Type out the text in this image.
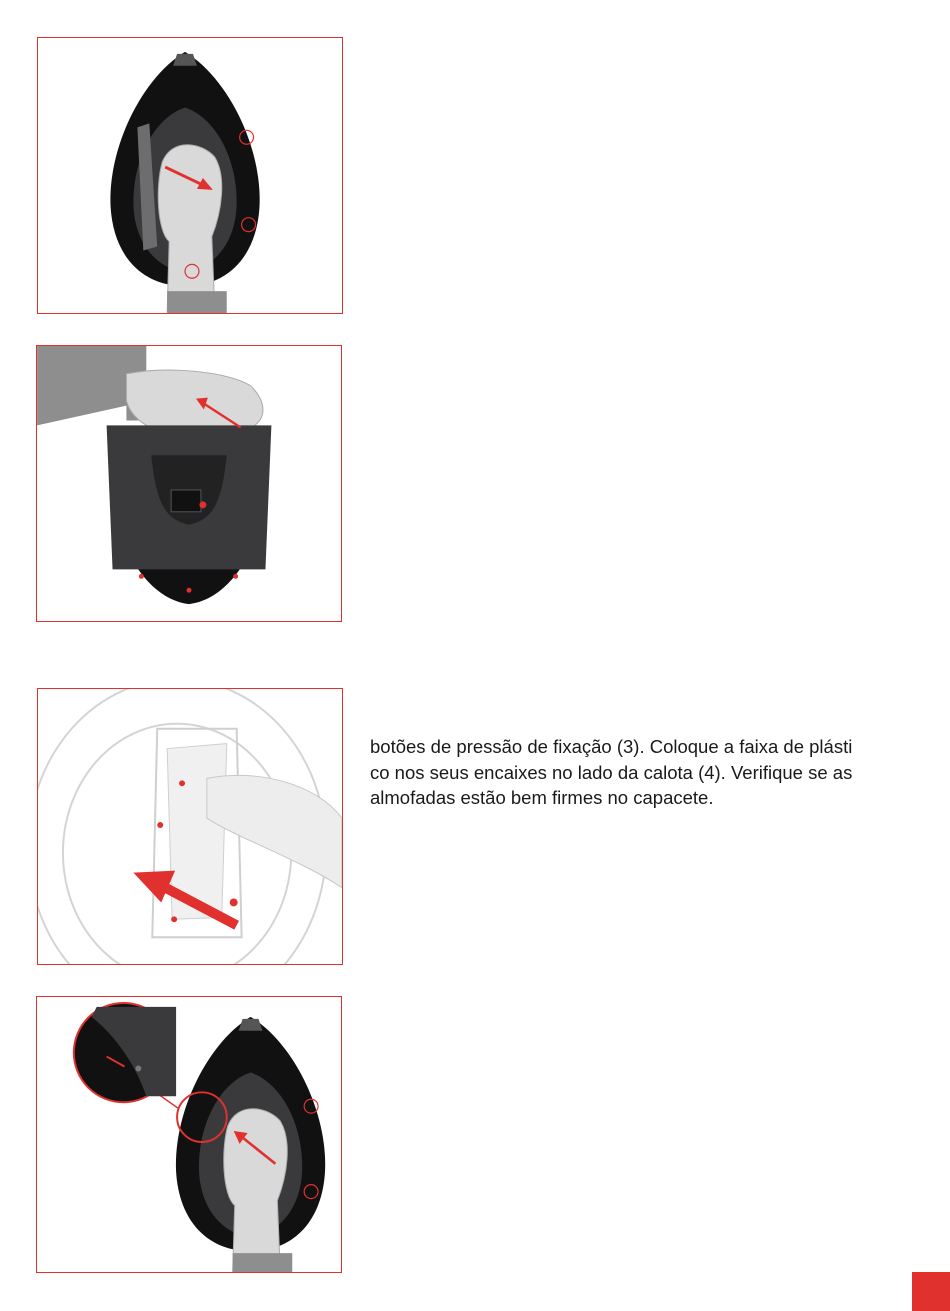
botões de pressão de fixação (3). Coloque a faixa de plásti
co nos seus encaixes no lado da calota (4). Verifique se as
almofadas estão bem firmes no capacete.
